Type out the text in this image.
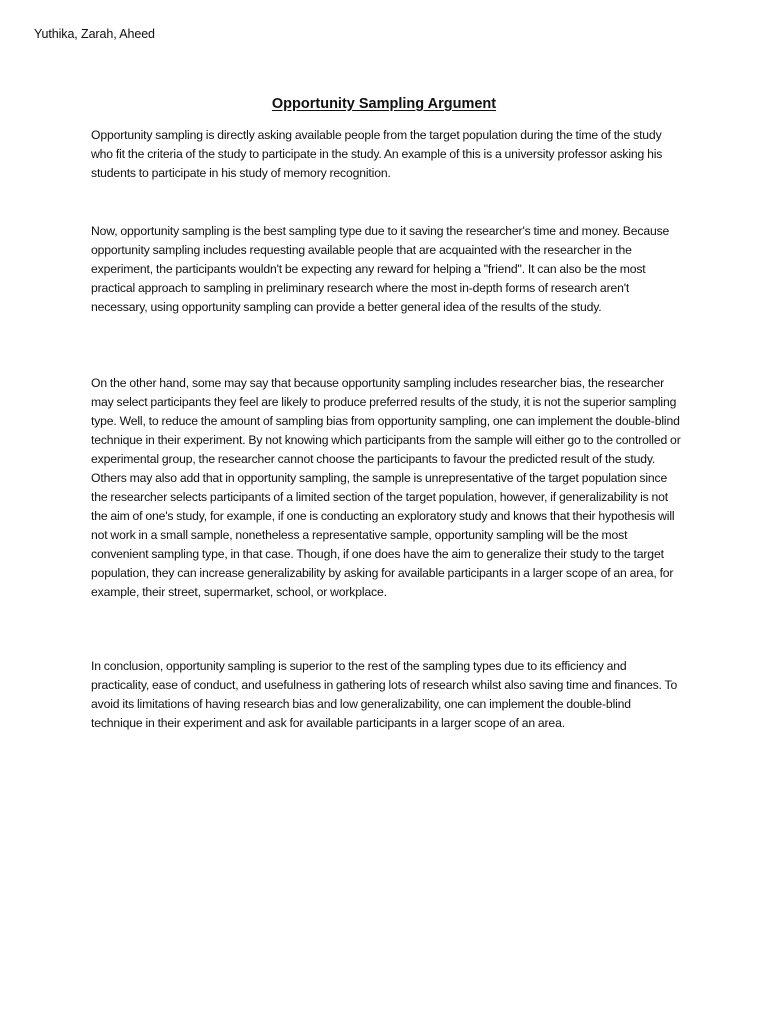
Yuthika, Zarah, Aheed
Opportunity Sampling Argument

Opportunity sampling is directly asking available people from the target population during the time of the study who fit the criteria of the study to participate in the study. An example of this is a university professor asking his students to participate in his study of memory recognition.

Now, opportunity sampling is the best sampling type due to it saving the researcher's time and money. Because opportunity sampling includes requesting available people that are acquainted with the researcher in the experiment, the participants wouldn't be expecting any reward for helping a "friend". It can also be the most practical approach to sampling in preliminary research where the most in-depth forms of research aren't necessary, using opportunity sampling can provide a better general idea of the results of the study.

On the other hand, some may say that because opportunity sampling includes researcher bias, the researcher may select participants they feel are likely to produce preferred results of the study, it is not the superior sampling type. Well, to reduce the amount of sampling bias from opportunity sampling, one can implement the double-blind technique in their experiment. By not knowing which participants from the sample will either go to the controlled or experimental group, the researcher cannot choose the participants to favour the predicted result of the study. Others may also add that in opportunity sampling, the sample is unrepresentative of the target population since the researcher selects participants of a limited section of the target population, however, if generalizability is not the aim of one's study, for example, if one is conducting an exploratory study and knows that their hypothesis will not work in a small sample, nonetheless a representative sample, opportunity sampling will be the most convenient sampling type, in that case. Though, if one does have the aim to generalize their study to the target population, they can increase generalizability by asking for available participants in a larger scope of an area, for example, their street, supermarket, school, or workplace.

In conclusion, opportunity sampling is superior to the rest of the sampling types due to its efficiency and practicality, ease of conduct, and usefulness in gathering lots of research whilst also saving time and finances. To avoid its limitations of having research bias and low generalizability, one can implement the double-blind technique in their experiment and ask for available participants in a larger scope of an area.
